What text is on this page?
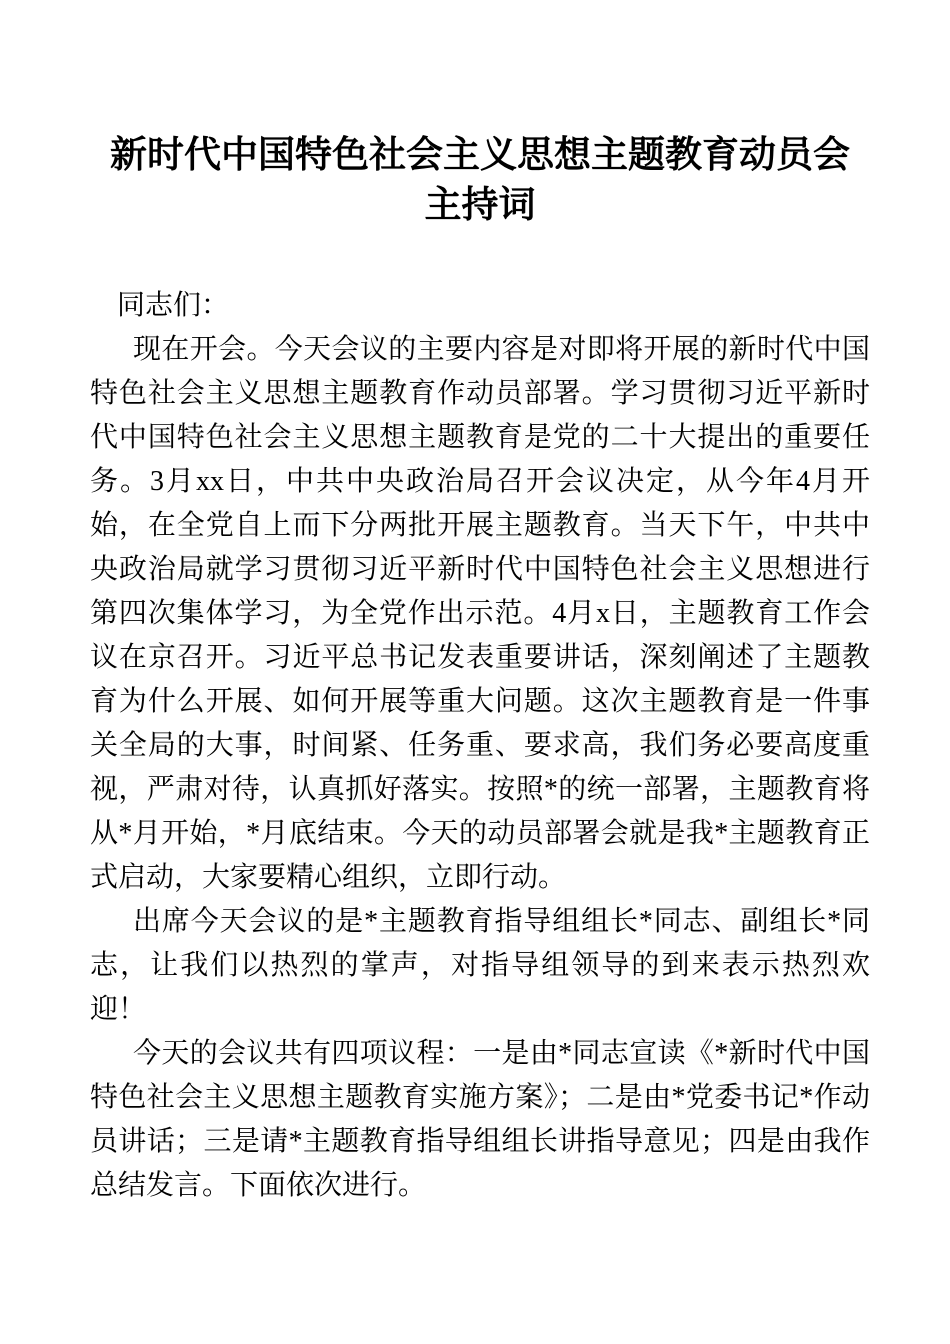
新时代中国特色社会主义思想主题教育动员会
主持词

同志们：

现在开会。今天会议的主要内容是对即将开展的新时代中国特色社会主义思想主题教育作动员部署。学习贯彻习近平新时代中国特色社会主义思想主题教育是党的二十大提出的重要任务。3月xx日，中共中央政治局召开会议决定，从今年4月开始，在全党自上而下分两批开展主题教育。当天下午，中共中央政治局就学习贯彻习近平新时代中国特色社会主义思想进行第四次集体学习，为全党作出示范。4月x日，主题教育工作会议在京召开。习近平总书记发表重要讲话，深刻阐述了主题教育为什么开展、如何开展等重大问题。这次主题教育是一件事关全局的大事，时间紧、任务重、要求高，我们务必要高度重视，严肃对待，认真抓好落实。按照*的统一部署，主题教育将从*月开始，*月底结束。今天的动员部署会就是我*主题教育正式启动，大家要精心组织，立即行动。

出席今天会议的是*主题教育指导组组长*同志、副组长*同志，让我们以热烈的掌声，对指导组领导的到来表示热烈欢迎！

今天的会议共有四项议程：一是由*同志宣读《*新时代中国特色社会主义思想主题教育实施方案》；二是由*党委书记*作动员讲话；三是请*主题教育指导组组长讲指导意见；四是由我作总结发言。下面依次进行。
